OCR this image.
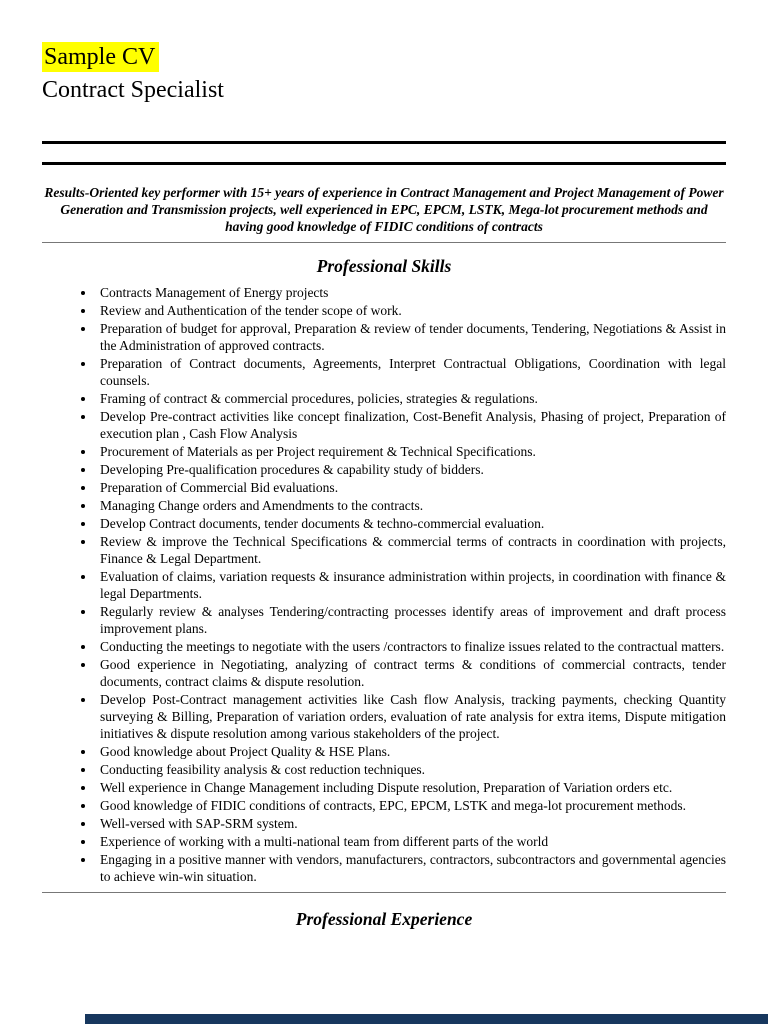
Sample CV
Contract Specialist

Results-Oriented key performer with 15+ years of experience in Contract Management and Project Management of Power Generation and Transmission projects, well experienced in EPC, EPCM, LSTK, Mega-lot procurement methods and having good knowledge of FIDIC conditions of contracts

Professional Skills
• Contracts Management of Energy projects
• Review and Authentication of the tender scope of work.
• Preparation of budget for approval, Preparation & review of tender documents, Tendering, Negotiations & Assist in the Administration of approved contracts.
• Preparation of Contract documents, Agreements, Interpret Contractual Obligations, Coordination with legal counsels.
• Framing of contract & commercial procedures, policies, strategies & regulations.
• Develop Pre-contract activities like concept finalization, Cost-Benefit Analysis, Phasing of project, Preparation of execution plan , Cash Flow Analysis
• Procurement of Materials as per Project requirement & Technical Specifications.
• Developing Pre-qualification procedures & capability study of bidders.
• Preparation of Commercial Bid evaluations.
• Managing Change orders and Amendments to the contracts.
• Develop Contract documents, tender documents & techno-commercial evaluation.
• Review & improve the Technical Specifications & commercial terms of contracts in coordination with projects, Finance & Legal Department.
• Evaluation of claims, variation requests & insurance administration within projects, in coordination with finance & legal Departments.
• Regularly review & analyses Tendering/contracting processes identify areas of improvement and draft process improvement plans.
• Conducting the meetings to negotiate with the users /contractors to finalize issues related to the contractual matters.
• Good experience in Negotiating, analyzing of contract terms & conditions of commercial contracts, tender documents, contract claims & dispute resolution.
• Develop Post-Contract management activities like Cash flow Analysis, tracking payments, checking Quantity surveying & Billing, Preparation of variation orders, evaluation of rate analysis for extra items, Dispute mitigation initiatives & dispute resolution among various stakeholders of the project.
• Good knowledge about Project Quality & HSE Plans.
• Conducting feasibility analysis & cost reduction techniques.
• Well experience in Change Management including Dispute resolution, Preparation of Variation orders etc.
• Good knowledge of FIDIC conditions of contracts, EPC, EPCM, LSTK and mega-lot procurement methods.
• Well-versed with SAP-SRM system.
• Experience of working with a multi-national team from different parts of the world
• Engaging in a positive manner with vendors, manufacturers, contractors, subcontractors and governmental agencies to achieve win-win situation.
Professional Experience
